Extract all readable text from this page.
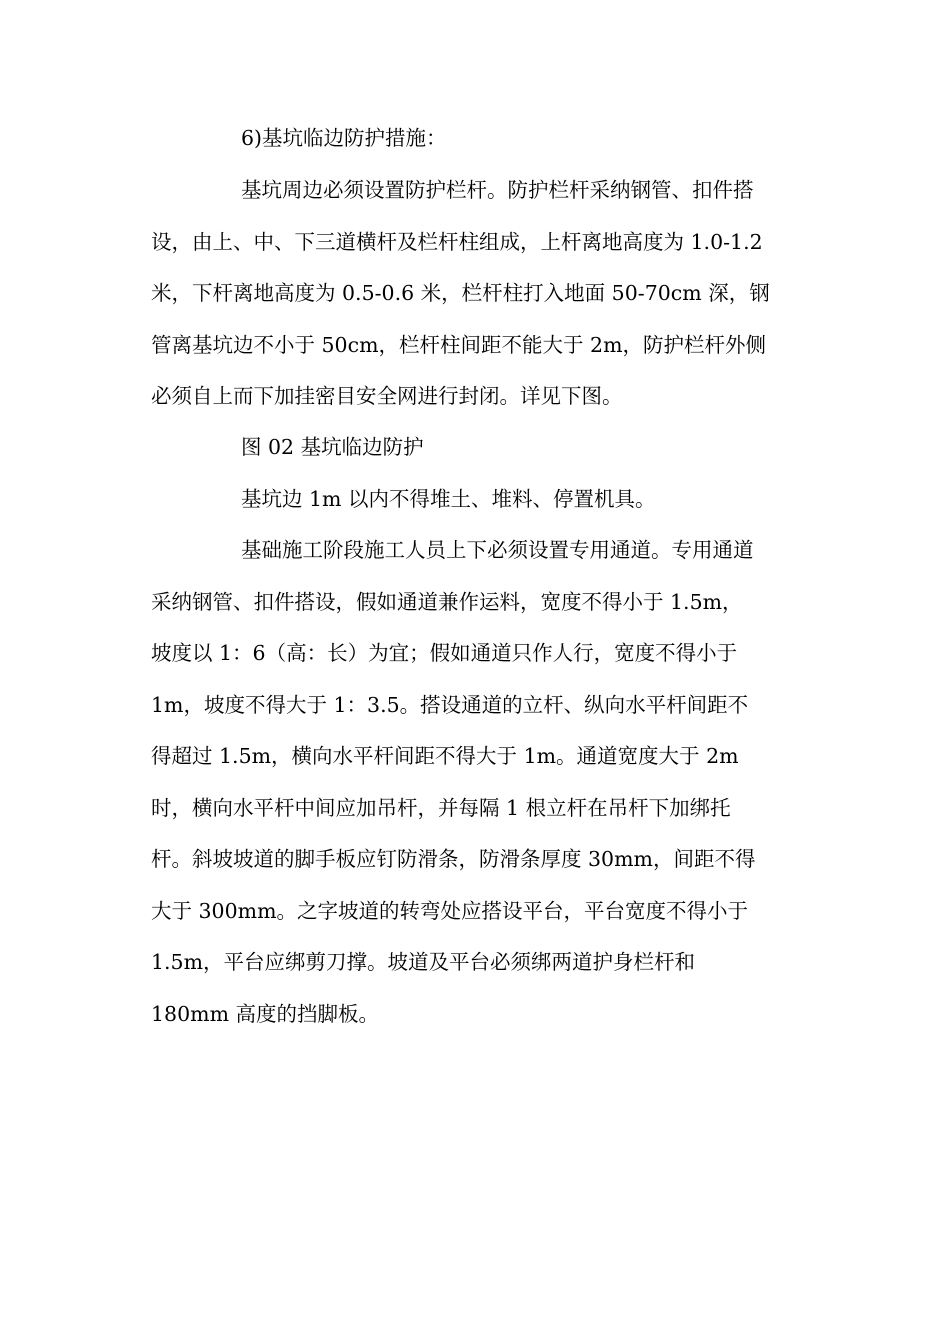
6)基坑临边防护措施：
基坑周边必须设置防护栏杆。防护栏杆采纳钢管、扣件搭
设，由上、中、下三道横杆及栏杆柱组成，上杆离地高度为 1.0-1.2
米，下杆离地高度为 0.5-0.6 米，栏杆柱打入地面 50-70cm 深，钢
管离基坑边不小于 50cm，栏杆柱间距不能大于 2m，防护栏杆外侧
必须自上而下加挂密目安全网进行封闭。详见下图。
图 02 基坑临边防护
基坑边 1m 以内不得堆土、堆料、停置机具。
基础施工阶段施工人员上下必须设置专用通道。专用通道
采纳钢管、扣件搭设，假如通道兼作运料，宽度不得小于 1.5m，
坡度以 1：6（高：长）为宜；假如通道只作人行，宽度不得小于
1m，坡度不得大于 1：3.5。搭设通道的立杆、纵向水平杆间距不
得超过 1.5m，横向水平杆间距不得大于 1m。通道宽度大于 2m
时，横向水平杆中间应加吊杆，并每隔 1 根立杆在吊杆下加绑托
杆。斜坡坡道的脚手板应钉防滑条，防滑条厚度 30mm，间距不得
大于 300mm。之字坡道的转弯处应搭设平台，平台宽度不得小于
1.5m，平台应绑剪刀撑。坡道及平台必须绑两道护身栏杆和
180mm 高度的挡脚板。
